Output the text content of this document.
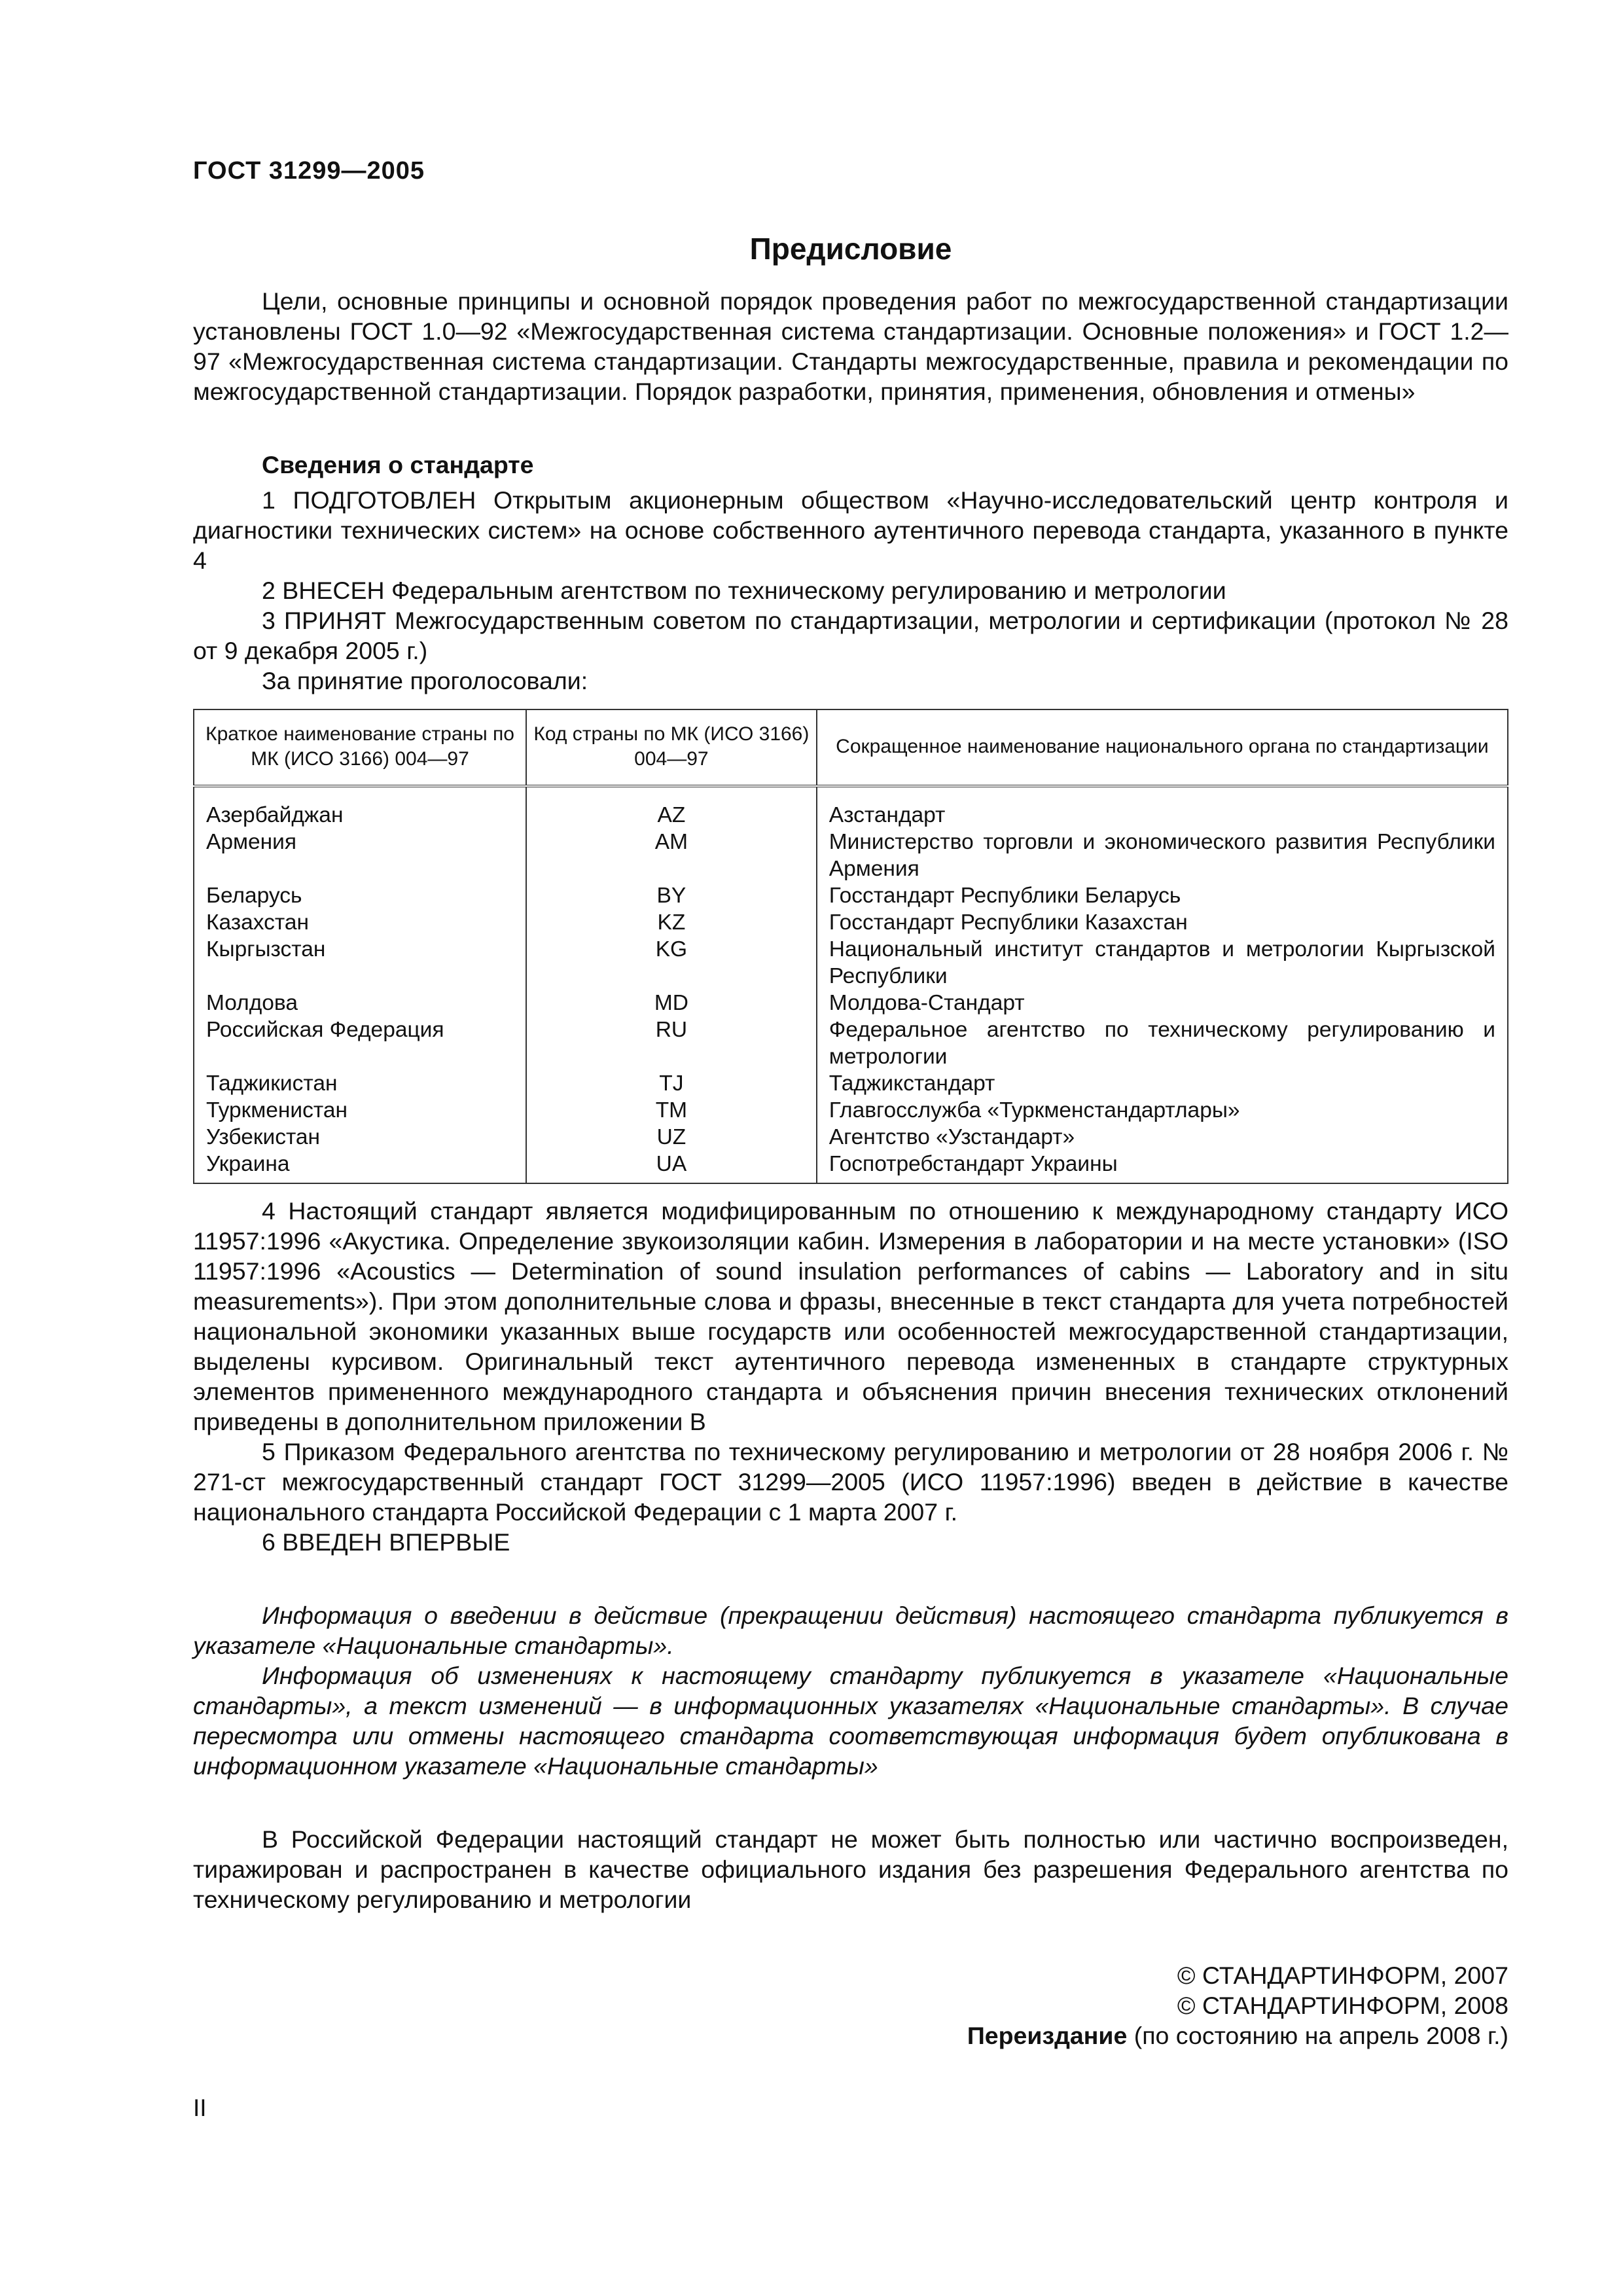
ГОСТ 31299—2005
Предисловие

Цели, основные принципы и основной порядок проведения работ по межгосударственной стандартизации установлены ГОСТ 1.0—92 «Межгосударственная система стандартизации. Основные положения» и ГОСТ 1.2—97 «Межгосударственная система стандартизации. Стандарты межгосударственные, правила и рекомендации по межгосударственной стандартизации. Порядок разработки, принятия, применения, обновления и отмены»

Сведения о стандарте

1 ПОДГОТОВЛЕН Открытым акционерным обществом «Научно-исследовательский центр контроля и диагностики технических систем» на основе собственного аутентичного перевода стандарта, указанного в пункте 4

2 ВНЕСЕН Федеральным агентством по техническому регулированию и метрологии

3 ПРИНЯТ Межгосударственным советом по стандартизации, метрологии и сертификации (протокол № 28 от 9 декабря 2005 г.)

За принятие проголосовали:

Краткое наименование страны по МК (ИСО 3166) 004—97	Код страны по МК (ИСО 3166) 004—97	Сокращенное наименование национального органа по стандартизации
Азербайджан	AZ	Азстандарт
Армения	AM	Министерство торговли и экономического развития Республики Армения
Беларусь	BY	Госстандарт Республики Беларусь
Казахстан	KZ	Госстандарт Республики Казахстан
Кыргызстан	KG	Национальный институт стандартов и метрологии Кыргызской Республики
Молдова	MD	Молдова-Стандарт
Российская Федерация	RU	Федеральное агентство по техническому регулированию и метрологии
Таджикистан	TJ	Таджикстандарт
Туркменистан	TM	Главгосслужба «Туркменстандартлары»
Узбекистан	UZ	Агентство «Узстандарт»
Украина	UA	Госпотребстандарт Украины

4 Настоящий стандарт является модифицированным по отношению к международному стандарту ИСО 11957:1996 «Акустика. Определение звукоизоляции кабин. Измерения в лаборатории и на месте установки» (ISO 11957:1996 «Acoustics — Determination of sound insulation performances of cabins — Laboratory and in situ measurements»). При этом дополнительные слова и фразы, внесенные в текст стандарта для учета потребностей национальной экономики указанных выше государств или особенностей межгосударственной стандартизации, выделены курсивом. Оригинальный текст аутентичного перевода измененных в стандарте структурных элементов примененного международного стандарта и объяснения причин внесения технических отклонений приведены в дополнительном приложении В

5 Приказом Федерального агентства по техническому регулированию и метрологии от 28 ноября 2006 г. № 271-ст межгосударственный стандарт ГОСТ 31299—2005 (ИСО 11957:1996) введен в действие в качестве национального стандарта Российской Федерации с 1 марта 2007 г.

6 ВВЕДЕН ВПЕРВЫЕ

Информация о введении в действие (прекращении действия) настоящего стандарта публикуется в указателе «Национальные стандарты».

Информация об изменениях к настоящему стандарту публикуется в указателе «Национальные стандарты», а текст изменений — в информационных указателях «Национальные стандарты». В случае пересмотра или отмены настоящего стандарта соответствующая информация будет опубликована в информационном указателе «Национальные стандарты»

В Российской Федерации настоящий стандарт не может быть полностью или частично воспроизведен, тиражирован и распространен в качестве официального издания без разрешения Федерального агентства по техническому регулированию и метрологии

© СТАНДАРТИНФОРМ, 2007
© СТАНДАРТИНФОРМ, 2008
Переиздание (по состоянию на апрель 2008 г.)
II
